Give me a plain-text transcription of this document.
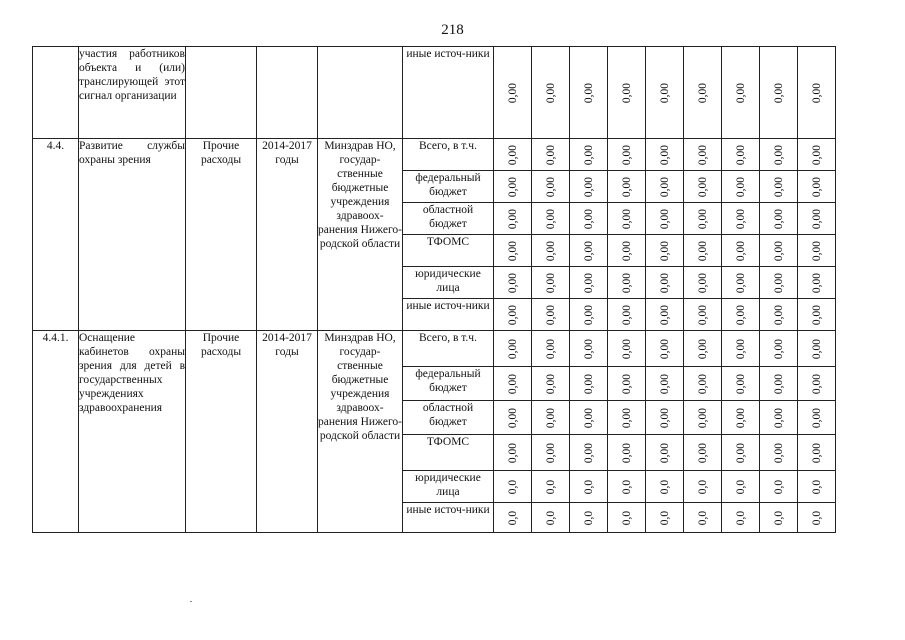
218
	участия работников объекта и (или) транслирующей этот сигнал организации				иные источ-ники	0,00	0,00	0,00	0,00	0,00	0,00	0,00	0,00	0,00

4.4.	Развитие службы охраны зрения	Прочие расходы	2014-2017 годы	Минздрав НО, государ-ственные бюджетные учреждения здравоох-ранения Нижего-родской области	Всего, в т.ч.	0,00	0,00	0,00	0,00	0,00	0,00	0,00	0,00	0,00

					федеральный бюджет	0,00	0,00	0,00	0,00	0,00	0,00	0,00	0,00	0,00

					областной бюджет	0,00	0,00	0,00	0,00	0,00	0,00	0,00	0,00	0,00

					ТФОМС	0,00	0,00	0,00	0,00	0,00	0,00	0,00	0,00	0,00

					юридические лица	0,00	0,00	0,00	0,00	0,00	0,00	0,00	0,00	0,00

					иные источ-ники	0,00	0,00	0,00	0,00	0,00	0,00	0,00	0,00	0,00

4.4.1.	Оснащение кабинетов охраны зрения для детей в государственных учреждениях здравоохранения	Прочие расходы	2014-2017 годы	Минздрав НО, государ-ственные бюджетные учреждения здравоох-ранения Нижего-родской области	Всего, в т.ч.	0,00	0,00	0,00	0,00	0,00	0,00	0,00	0,00	0,00

					федеральный бюджет	0,00	0,00	0,00	0,00	0,00	0,00	0,00	0,00	0,00

					областной бюджет	0,00	0,00	0,00	0,00	0,00	0,00	0,00	0,00	0,00

					ТФОМС	0,00	0,00	0,00	0,00	0,00	0,00	0,00	0,00	0,00

					юридические лица	0,0	0,0	0,0	0,0	0,0	0,0	0,0	0,0	0,0

					иные источ-ники	0,0	0,0	0,0	0,0	0,0	0,0	0,0	0,0	0,0
